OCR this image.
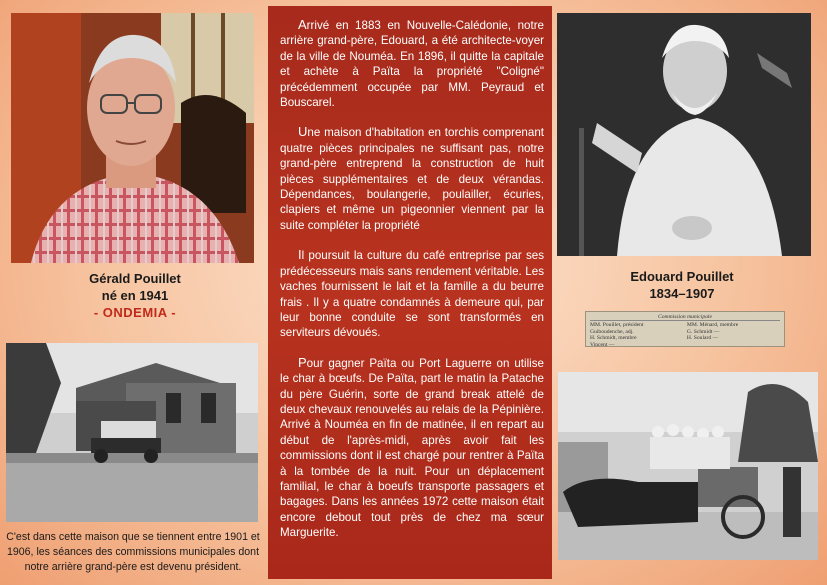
Gérald Pouillet
né en 1941
- ONDEMIA -
C'est dans cette maison que se tiennent entre 1901 et 1906, les séances des commissions municipales dont notre arrière grand-père est devenu président.

Arrivé en 1883 en Nouvelle-Calédonie, notre arrière grand-père, Edouard, a été architecte-voyer de la ville de Nouméa. En 1896, il quitte la capitale et achète à Païta la propriété "Coligné" précédemment occupée par MM. Peyraud et Bouscarel.

Une maison d'habitation en torchis comprenant quatre pièces principales ne suffisant pas, notre grand-père entreprend la construction de huit pièces supplémentaires et de deux vérandas. Dépendances, boulangerie, poulailler, écuries, clapiers et même un pigeonnier viennent par la suite compléter la propriété

Il poursuit la culture du café entreprise par ses prédécesseurs mais sans rendement véritable. Les vaches fournissent le lait et la famille a du beurre frais . Il y a quatre condamnés à demeure qui, par leur bonne conduite se sont transformés en serviteurs dévoués.

Pour gagner Païta ou Port Laguerre on utilise le char à bœufs. De Païta, part le matin la Patache du père Guérin, sorte de grand break attelé de deux chevaux renouvelés au relais de la Pépinière. Arrivé à Nouméa en fin de matinée, il en repart au début de l'après-midi, après avoir fait les commissions dont il est chargé pour rentrer à Païta à la tombée de la nuit. Pour un déplacement familial, le char à boeufs transporte passagers et bagages. Dans les années 1972 cette maison était encore debout tout près de chez ma sœur Marguerite.

Edouard Pouillet
1834–1907
Commission municipale
MM. Pouillet, président
Guiboudenche, adj.
H. Schmidt, membre
Vincent —
MM. Ménard, membre
G. Schmidt —
H. Soulard —
